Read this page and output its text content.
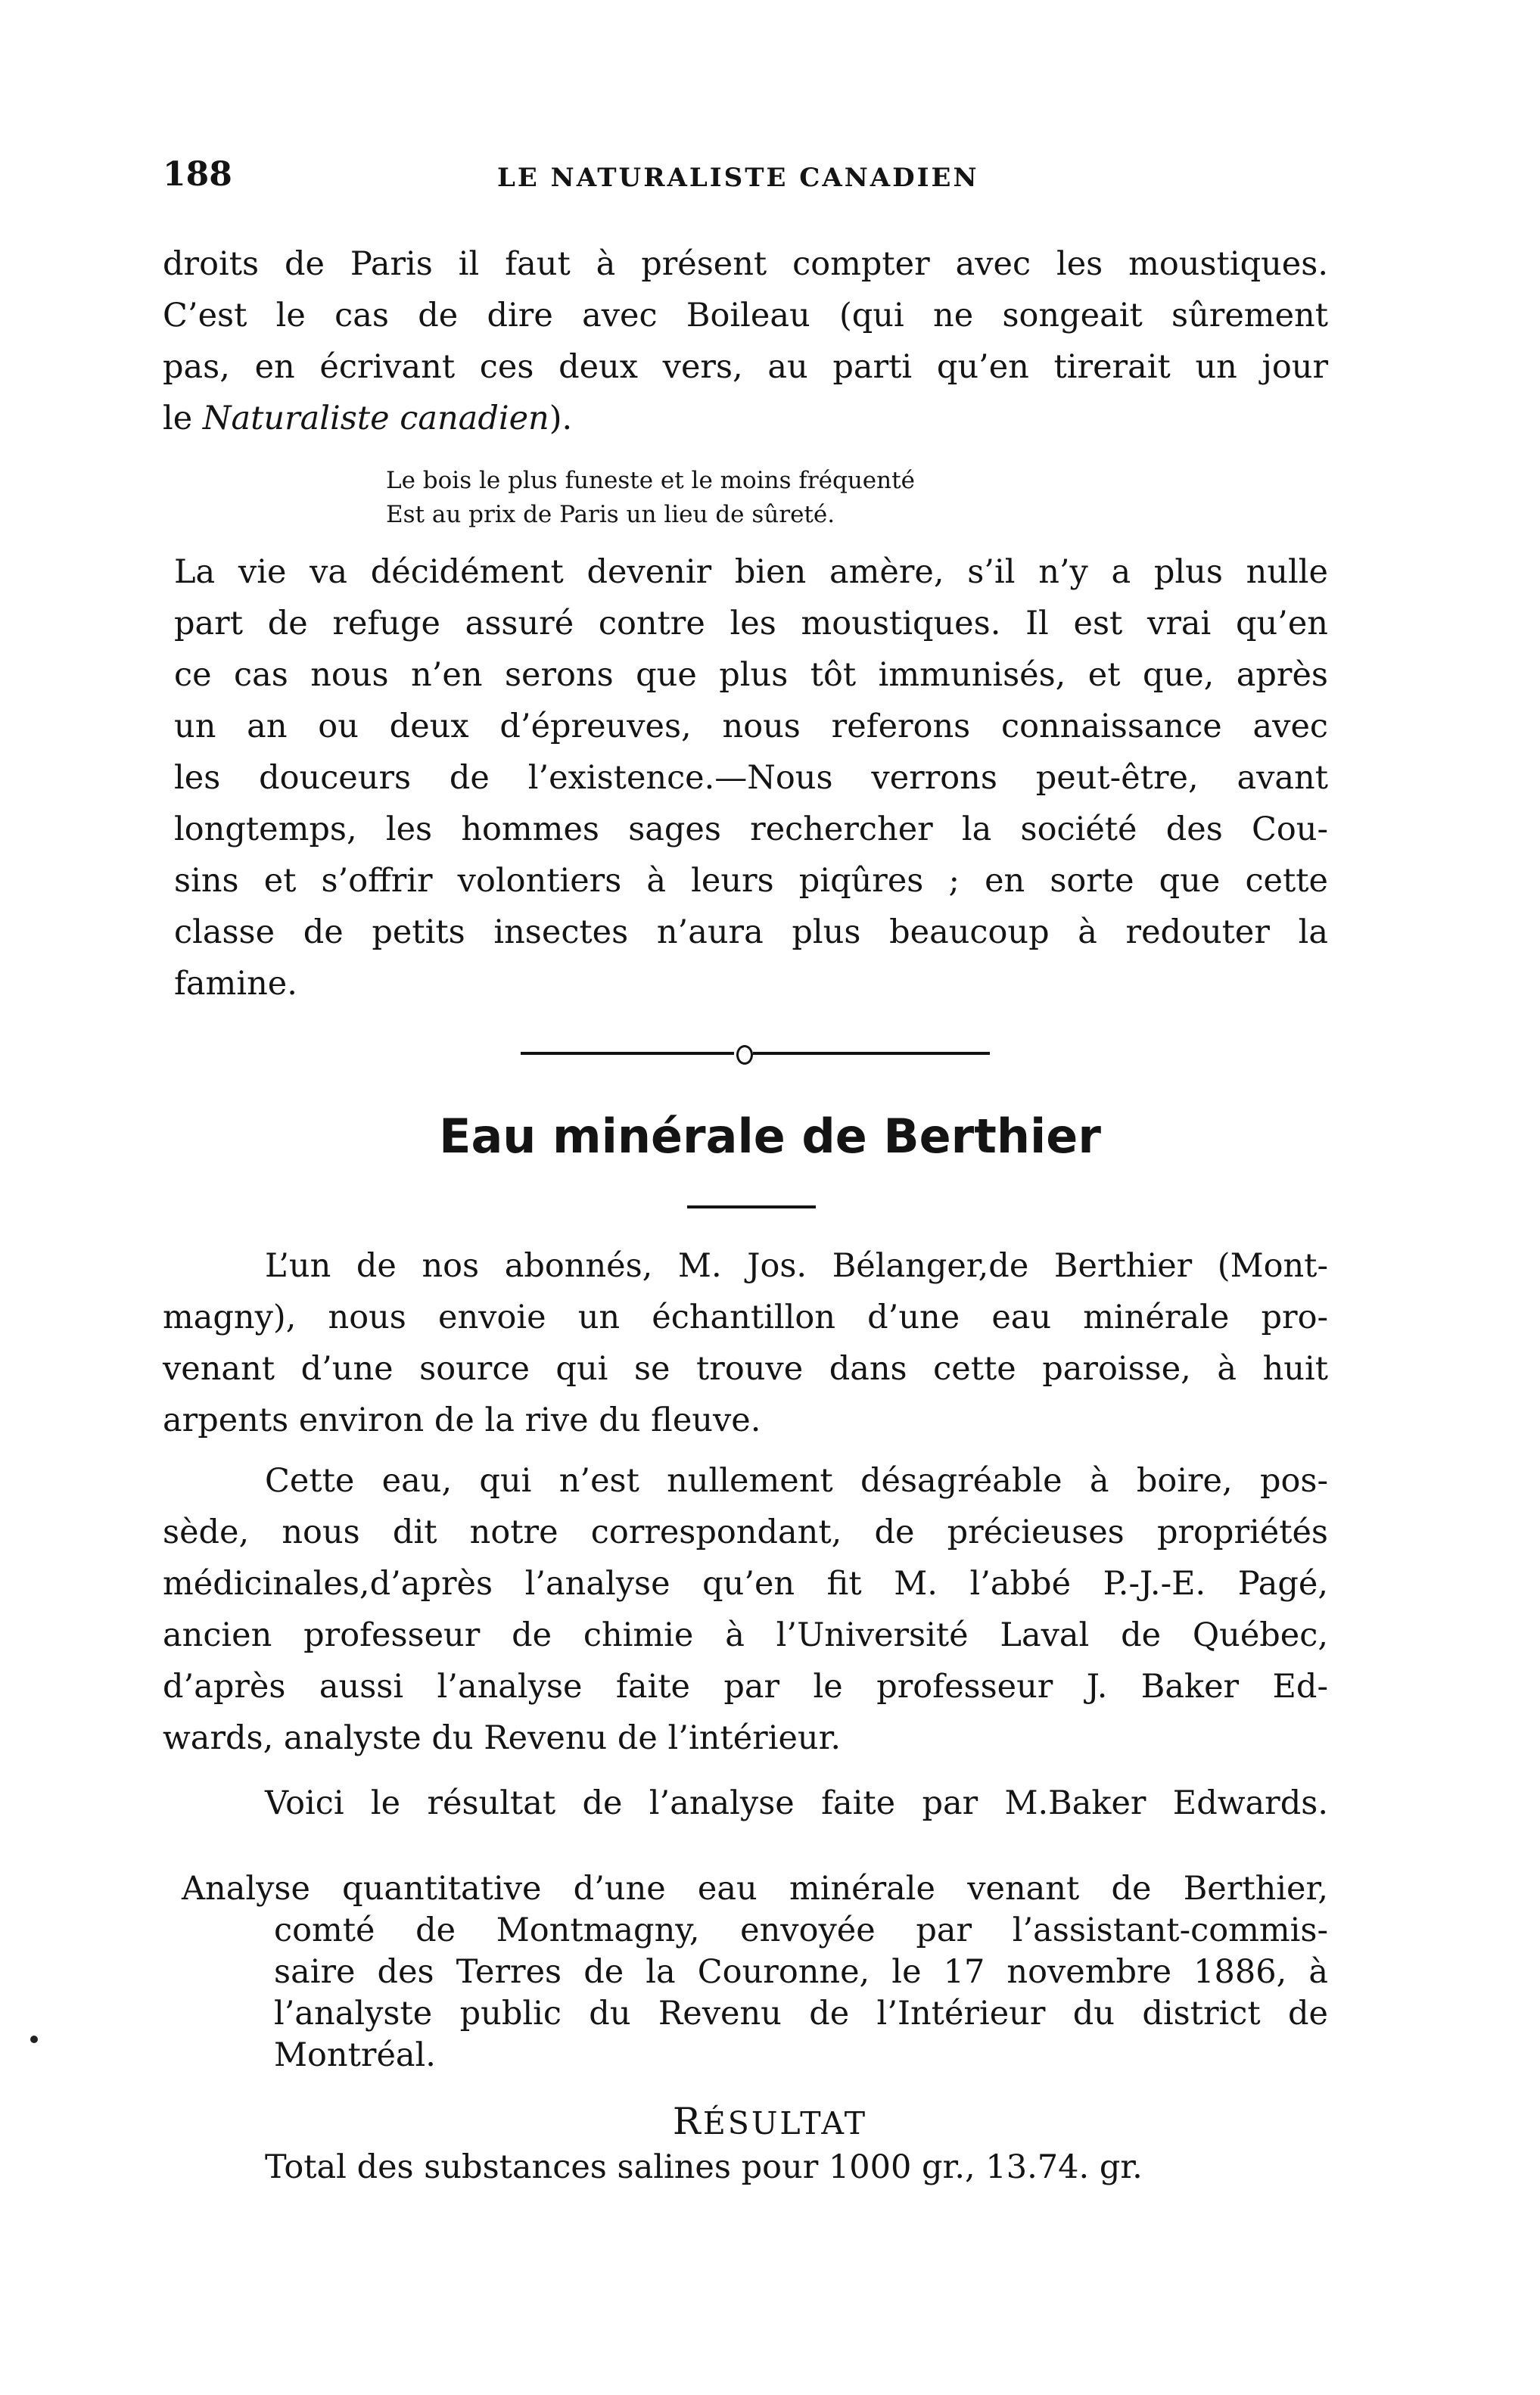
188	LE NATURALISTE CANADIEN
droits de Paris il faut à présent compter avec les moustiques.
C’est le cas de dire avec Boileau (qui ne songeait sûrement
pas, en écrivant ces deux vers, au parti qu’en tirerait un jour
le Naturaliste canadien).
Le bois le plus funeste et le moins fréquenté
Est au prix de Paris un lieu de sûreté.
La vie va décidément devenir bien amère, s’il n’y a plus nulle
part de refuge assuré contre les moustiques. Il est vrai qu’en
ce cas nous n’en serons que plus tôt immunisés, et que, après
un an ou deux d’épreuves, nous referons connaissance avec
les douceurs de l’existence.—Nous verrons peut-être, avant
longtemps, les hommes sages rechercher la société des Cou-
sins et s’offrir volontiers à leurs piqûres ; en sorte que cette
classe de petits insectes n’aura plus beaucoup à redouter la
famine.
Eau minérale de Berthier
L’un de nos abonnés, M. Jos. Bélanger,de Berthier (Mont-
magny), nous envoie un échantillon d’une eau minérale pro-
venant d’une source qui se trouve dans cette paroisse, à huit
arpents environ de la rive du fleuve.
Cette eau, qui n’est nullement désagréable à boire, pos-
sède, nous dit notre correspondant, de précieuses propriétés
médicinales,d’après l’analyse qu’en fit M. l’abbé P.-J.-E. Pagé,
ancien professeur de chimie à l’Université Laval de Québec,
d’après aussi l’analyse faite par le professeur J. Baker Ed-
wards, analyste du Revenu de l’intérieur.
Voici le résultat de l’analyse faite par M.Baker Edwards.
Analyse quantitative d’une eau minérale venant de Berthier,
comté de Montmagny, envoyée par l’assistant-commis-
saire des Terres de la Couronne, le 17 novembre 1886, à
l’analyste public du Revenu de l’Intérieur du district de
Montréal.
RÉSULTAT
Total des substances salines pour 1000 gr., 13.74. gr.
